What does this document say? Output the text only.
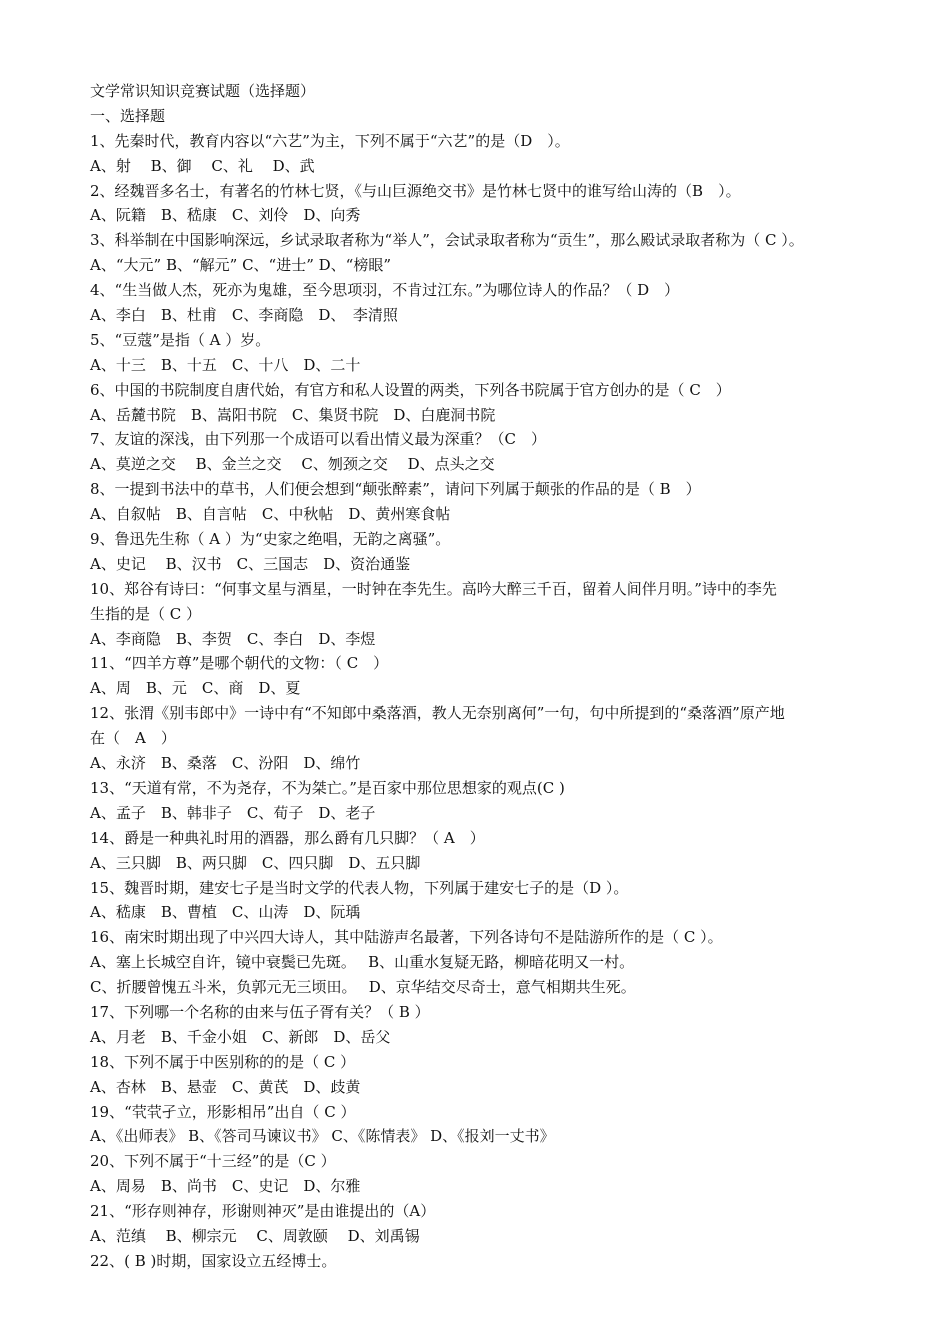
文学常识知识竞赛试题（选择题）
一、选择题
1、先秦时代，教育内容以“六艺”为主，下列不属于“六艺”的是（D　）。
A、射　 B、御　 C、礼　 D、武
2、经魏晋多名士，有著名的竹林七贤，《与山巨源绝交书》是竹林七贤中的谁写给山涛的（B　）。
A、阮籍　B、嵇康　C、刘伶　D、向秀
3、科举制在中国影响深远，乡试录取者称为“举人”，会试录取者称为“贡生”，那么殿试录取者称为（ C ）。
A、“大元” B、“解元” C、“进士” D、“榜眼”
4、“生当做人杰，死亦为鬼雄，至今思项羽，不肯过江东。”为哪位诗人的作品？（ D　）
A、李白　B、杜甫　C、李商隐　D、　李清照
5、“豆蔻”是指（ A ）岁。
A、十三　B、十五　C、十八　D、二十
6、中国的书院制度自唐代始，有官方和私人设置的两类，下列各书院属于官方创办的是（ C　）
A、岳麓书院　B、嵩阳书院　C、集贤书院　D、白鹿洞书院
7、友谊的深浅，由下列那一个成语可以看出情义最为深重？（C　）
A、莫逆之交　 B、金兰之交　 C、刎颈之交　 D、点头之交
8、一提到书法中的草书，人们便会想到“颠张醉素”，请问下列属于颠张的作品的是（ B　）
A、自叙帖　B、自言帖　C、中秋帖　D、黄州寒食帖
9、鲁迅先生称（ A ）为“史家之绝唱，无韵之离骚”。
A、史记　 B、汉书　C、三国志　D、资治通鉴
10、郑谷有诗曰：“何事文星与酒星，一时钟在李先生。高吟大醉三千百，留着人间伴月明。”诗中的李先
生指的是（ C ）
A、李商隐　B、李贺　C、李白　D、李煜
11、“四羊方尊”是哪个朝代的文物：（ C　）
A、周　B、元　C、商　D、夏
12、张渭《别韦郎中》一诗中有“不知郎中桑落酒，教人无奈别离何”一句，句中所提到的“桑落酒”原产地
在（　A　）
A、永济　B、桑落　C、汾阳　D、绵竹
13、“天道有常，不为尧存，不为桀亡。”是百家中那位思想家的观点(C )
A、孟子　B、韩非子　C、荀子　D、老子
14、爵是一种典礼时用的酒器，那么爵有几只脚？（ A　）
A、三只脚　B、两只脚　C、四只脚　D、五只脚
15、魏晋时期，建安七子是当时文学的代表人物，下列属于建安七子的是（D ）。
A、嵇康　B、曹植　C、山涛　D、阮瑀
16、南宋时期出现了中兴四大诗人，其中陆游声名最著，下列各诗句不是陆游所作的是（ C ）。
A、塞上长城空自许，镜中衰鬓已先斑。　 B、山重水复疑无路，柳暗花明又一村。
C、折腰曾愧五斗米，负郭元无三顷田。　 D、京华结交尽奇士，意气相期共生死。
17、下列哪一个名称的由来与伍子胥有关？（ B ）
A、月老　B、千金小姐　C、新郎　D、岳父
18、下列不属于中医别称的的是（ C ）
A、杏林　B、悬壶　C、黄芪　D、歧黄
19、“茕茕孑立，形影相吊”出自（ C ）
A、《出师表》 B、《答司马谏议书》 C、《陈情表》 D、《报刘一丈书》
20、下列不属于“十三经”的是（C ）
A、周易　B、尚书　C、史记　D、尔雅
21、“形存则神存，形谢则神灭”是由谁提出的（A）
A、范缜　 B、柳宗元　 C、周敦颐　 D、刘禹锡
22、( B )时期，国家设立五经博士。
